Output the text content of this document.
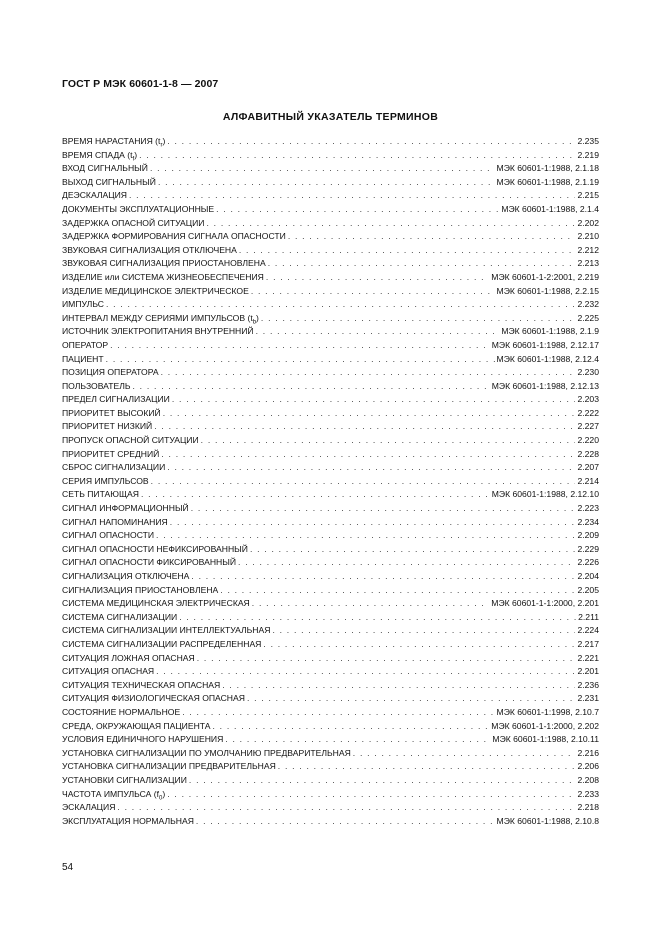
ГОСТ Р МЭК 60601-1-8 — 2007
АЛФАВИТНЫЙ УКАЗАТЕЛЬ ТЕРМИНОВ
ВРЕМЯ НАРАСТАНИЯ $(t_r)$ . . .	2.235
ВРЕМЯ СПАДА $(t_f)$ . . .	2.219
ВХОД СИГНАЛЬНЫЙ . . .	МЭК 60601-1:1988, 2.1.18
ВЫХОД СИГНАЛЬНЫЙ . . .	МЭК 60601-1:1988, 2.1.19
ДЕЭСКАЛАЦИЯ . . .	2.215
ДОКУМЕНТЫ ЭКСПЛУАТАЦИОННЫЕ . . .	МЭК 60601-1:1988, 2.1.4
ЗАДЕРЖКА ОПАСНОЙ СИТУАЦИИ . . .	2.202
ЗАДЕРЖКА ФОРМИРОВАНИЯ СИГНАЛА ОПАСНОСТИ . . .	2.210
ЗВУКОВАЯ СИГНАЛИЗАЦИЯ ОТКЛЮЧЕНА . . .	2.212
ЗВУКОВАЯ СИГНАЛИЗАЦИЯ ПРИОСТАНОВЛЕНА . . .	2.213
ИЗДЕЛИЕ или СИСТЕМА ЖИЗНЕОБЕСПЕЧЕНИЯ . . .	МЭК 60601-1-2:2001, 2.219
ИЗДЕЛИЕ МЕДИЦИНСКОЕ ЭЛЕКТРИЧЕСКОЕ . . .	МЭК 60601-1:1988, 2.2.15
ИМПУЛЬС . . .	2.232
ИНТЕРВАЛ МЕЖДУ СЕРИЯМИ ИМПУЛЬСОВ $(t_b)$ . . .	2.225
ИСТОЧНИК ЭЛЕКТРОПИТАНИЯ ВНУТРЕННИЙ . . .	МЭК 60601-1:1988, 2.1.9
ОПЕРАТОР . . .	МЭК 60601-1:1988, 2.12.17
ПАЦИЕНТ . . .	МЭК 60601-1:1988, 2.12.4
ПОЗИЦИЯ ОПЕРАТОРА . . .	2.230
ПОЛЬЗОВАТЕЛЬ . . .	МЭК 60601-1:1988, 2.12.13
ПРЕДЕЛ СИГНАЛИЗАЦИИ . . .	2.203
ПРИОРИТЕТ ВЫСОКИЙ . . .	2.222
ПРИОРИТЕТ НИЗКИЙ . . .	2.227
ПРОПУСК ОПАСНОЙ СИТУАЦИИ . . .	2.220
ПРИОРИТЕТ СРЕДНИЙ . . .	2.228
СБРОС СИГНАЛИЗАЦИИ . . .	2.207
СЕРИЯ ИМПУЛЬСОВ . . .	2.214
СЕТЬ ПИТАЮЩАЯ . . .	МЭК 60601-1:1988, 2.12.10
СИГНАЛ ИНФОРМАЦИОННЫЙ . . .	2.223
СИГНАЛ НАПОМИНАНИЯ . . .	2.234
СИГНАЛ ОПАСНОСТИ . . .	2.209
СИГНАЛ ОПАСНОСТИ НЕФИКСИРОВАННЫЙ . . .	2.229
СИГНАЛ ОПАСНОСТИ ФИКСИРОВАННЫЙ . . .	2.226
СИГНАЛИЗАЦИЯ ОТКЛЮЧЕНА . . .	2.204
СИГНАЛИЗАЦИЯ ПРИОСТАНОВЛЕНА . . .	2.205
СИСТЕМА МЕДИЦИНСКАЯ ЭЛЕКТРИЧЕСКАЯ . . .	МЭК 60601-1-1:2000, 2.201
СИСТЕМА СИГНАЛИЗАЦИИ . . .	2.211
СИСТЕМА СИГНАЛИЗАЦИИ ИНТЕЛЛЕКТУАЛЬНАЯ . . .	2.224
СИСТЕМА СИГНАЛИЗАЦИИ РАСПРЕДЕЛЕННАЯ . . .	2.217
СИТУАЦИЯ ЛОЖНАЯ ОПАСНАЯ . . .	2.221
СИТУАЦИЯ ОПАСНАЯ . . .	2.201
СИТУАЦИЯ ТЕХНИЧЕСКАЯ ОПАСНАЯ . . .	2.236
СИТУАЦИЯ ФИЗИОЛОГИЧЕСКАЯ ОПАСНАЯ . . .	2.231
СОСТОЯНИЕ НОРМАЛЬНОЕ . . .	МЭК 60601-1:1998, 2.10.7
СРЕДА, ОКРУЖАЮЩАЯ ПАЦИЕНТА . . .	МЭК 60601-1-1:2000, 2.202
УСЛОВИЯ ЕДИНИЧНОГО НАРУШЕНИЯ . . .	МЭК 60601-1:1988, 2.10.11
УСТАНОВКА СИГНАЛИЗАЦИИ ПО УМОЛЧАНИЮ ПРЕДВАРИТЕЛЬНАЯ . . .	2.216
УСТАНОВКА СИГНАЛИЗАЦИИ ПРЕДВАРИТЕЛЬНАЯ . . .	2.206
УСТАНОВКИ СИГНАЛИЗАЦИИ . . .	2.208
ЧАСТОТА ИМПУЛЬСА $(f_0)$ . . .	2.233
ЭСКАЛАЦИЯ . . .	2.218
ЭКСПЛУАТАЦИЯ НОРМАЛЬНАЯ . . .	МЭК 60601-1:1988, 2.10.8
54
